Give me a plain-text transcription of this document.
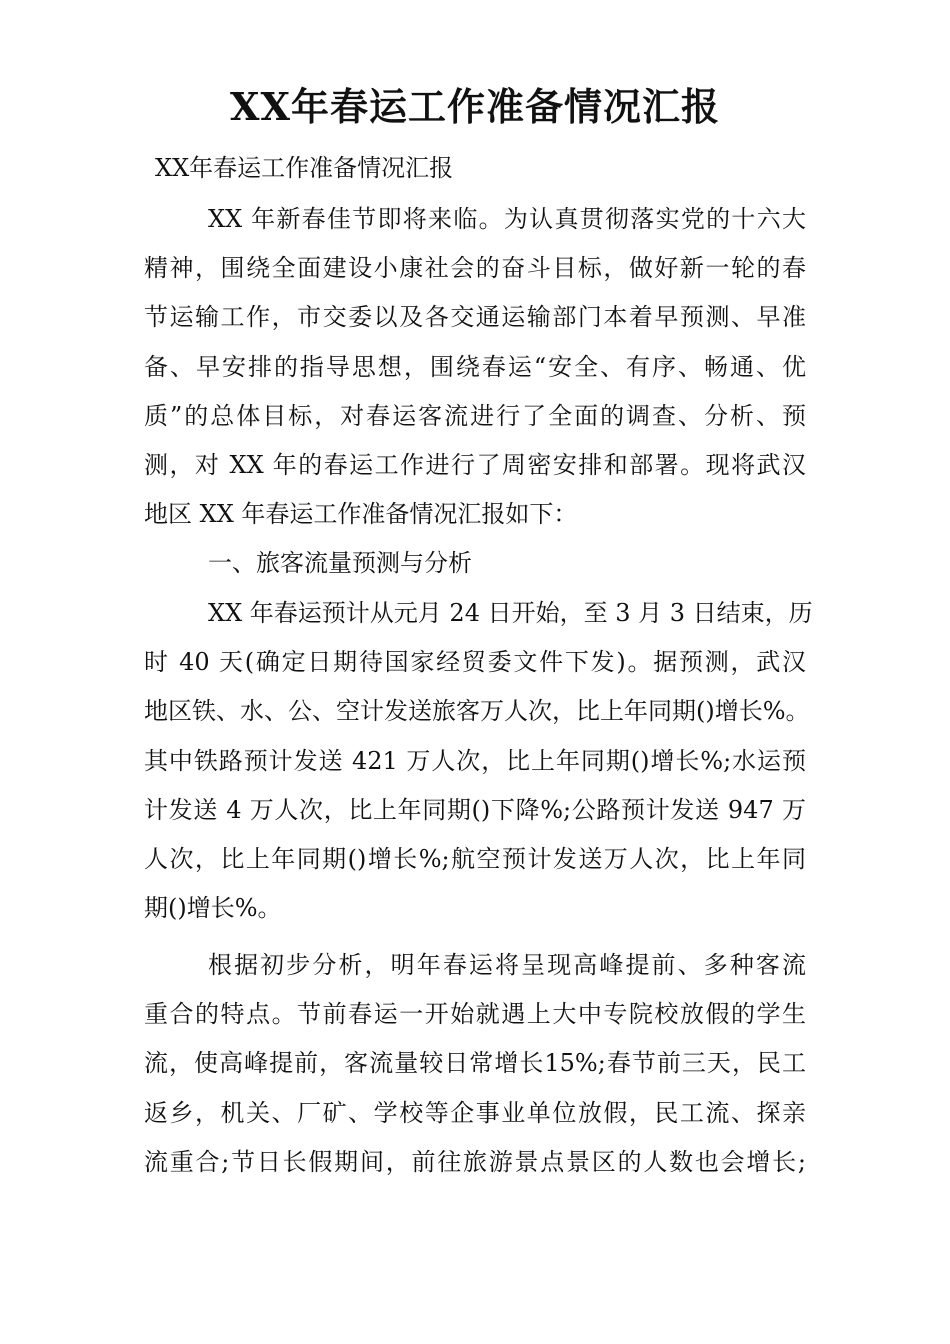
XX年春运工作准备情况汇报
XX年春运工作准备情况汇报
XX 年新春佳节即将来临。为认真贯彻落实党的十六大
精神，围绕全面建设小康社会的奋斗目标，做好新一轮的春
节运输工作，市交委以及各交通运输部门本着早预测、早准
备、早安排的指导思想，围绕春运“安全、有序、畅通、优
质”的总体目标，对春运客流进行了全面的调查、分析、预
测，对 XX 年的春运工作进行了周密安排和部署。现将武汉
地区 XX 年春运工作准备情况汇报如下：
一、旅客流量预测与分析
XX 年春运预计从元月 24 日开始，至 3 月 3 日结束，历
时 40 天(确定日期待国家经贸委文件下发)。据预测，武汉
地区铁、水、公、空计发送旅客万人次，比上年同期()增长%。
其中铁路预计发送 421 万人次，比上年同期()增长%;水运预
计发送 4 万人次，比上年同期()下降%;公路预计发送 947 万
人次，比上年同期()增长%;航空预计发送万人次，比上年同
期()增长%。
根据初步分析，明年春运将呈现高峰提前、多种客流
重合的特点。节前春运一开始就遇上大中专院校放假的学生
流，使高峰提前，客流量较日常增长15%;春节前三天，民工
返乡，机关、厂矿、学校等企事业单位放假，民工流、探亲
流重合;节日长假期间，前往旅游景点景区的人数也会增长;
